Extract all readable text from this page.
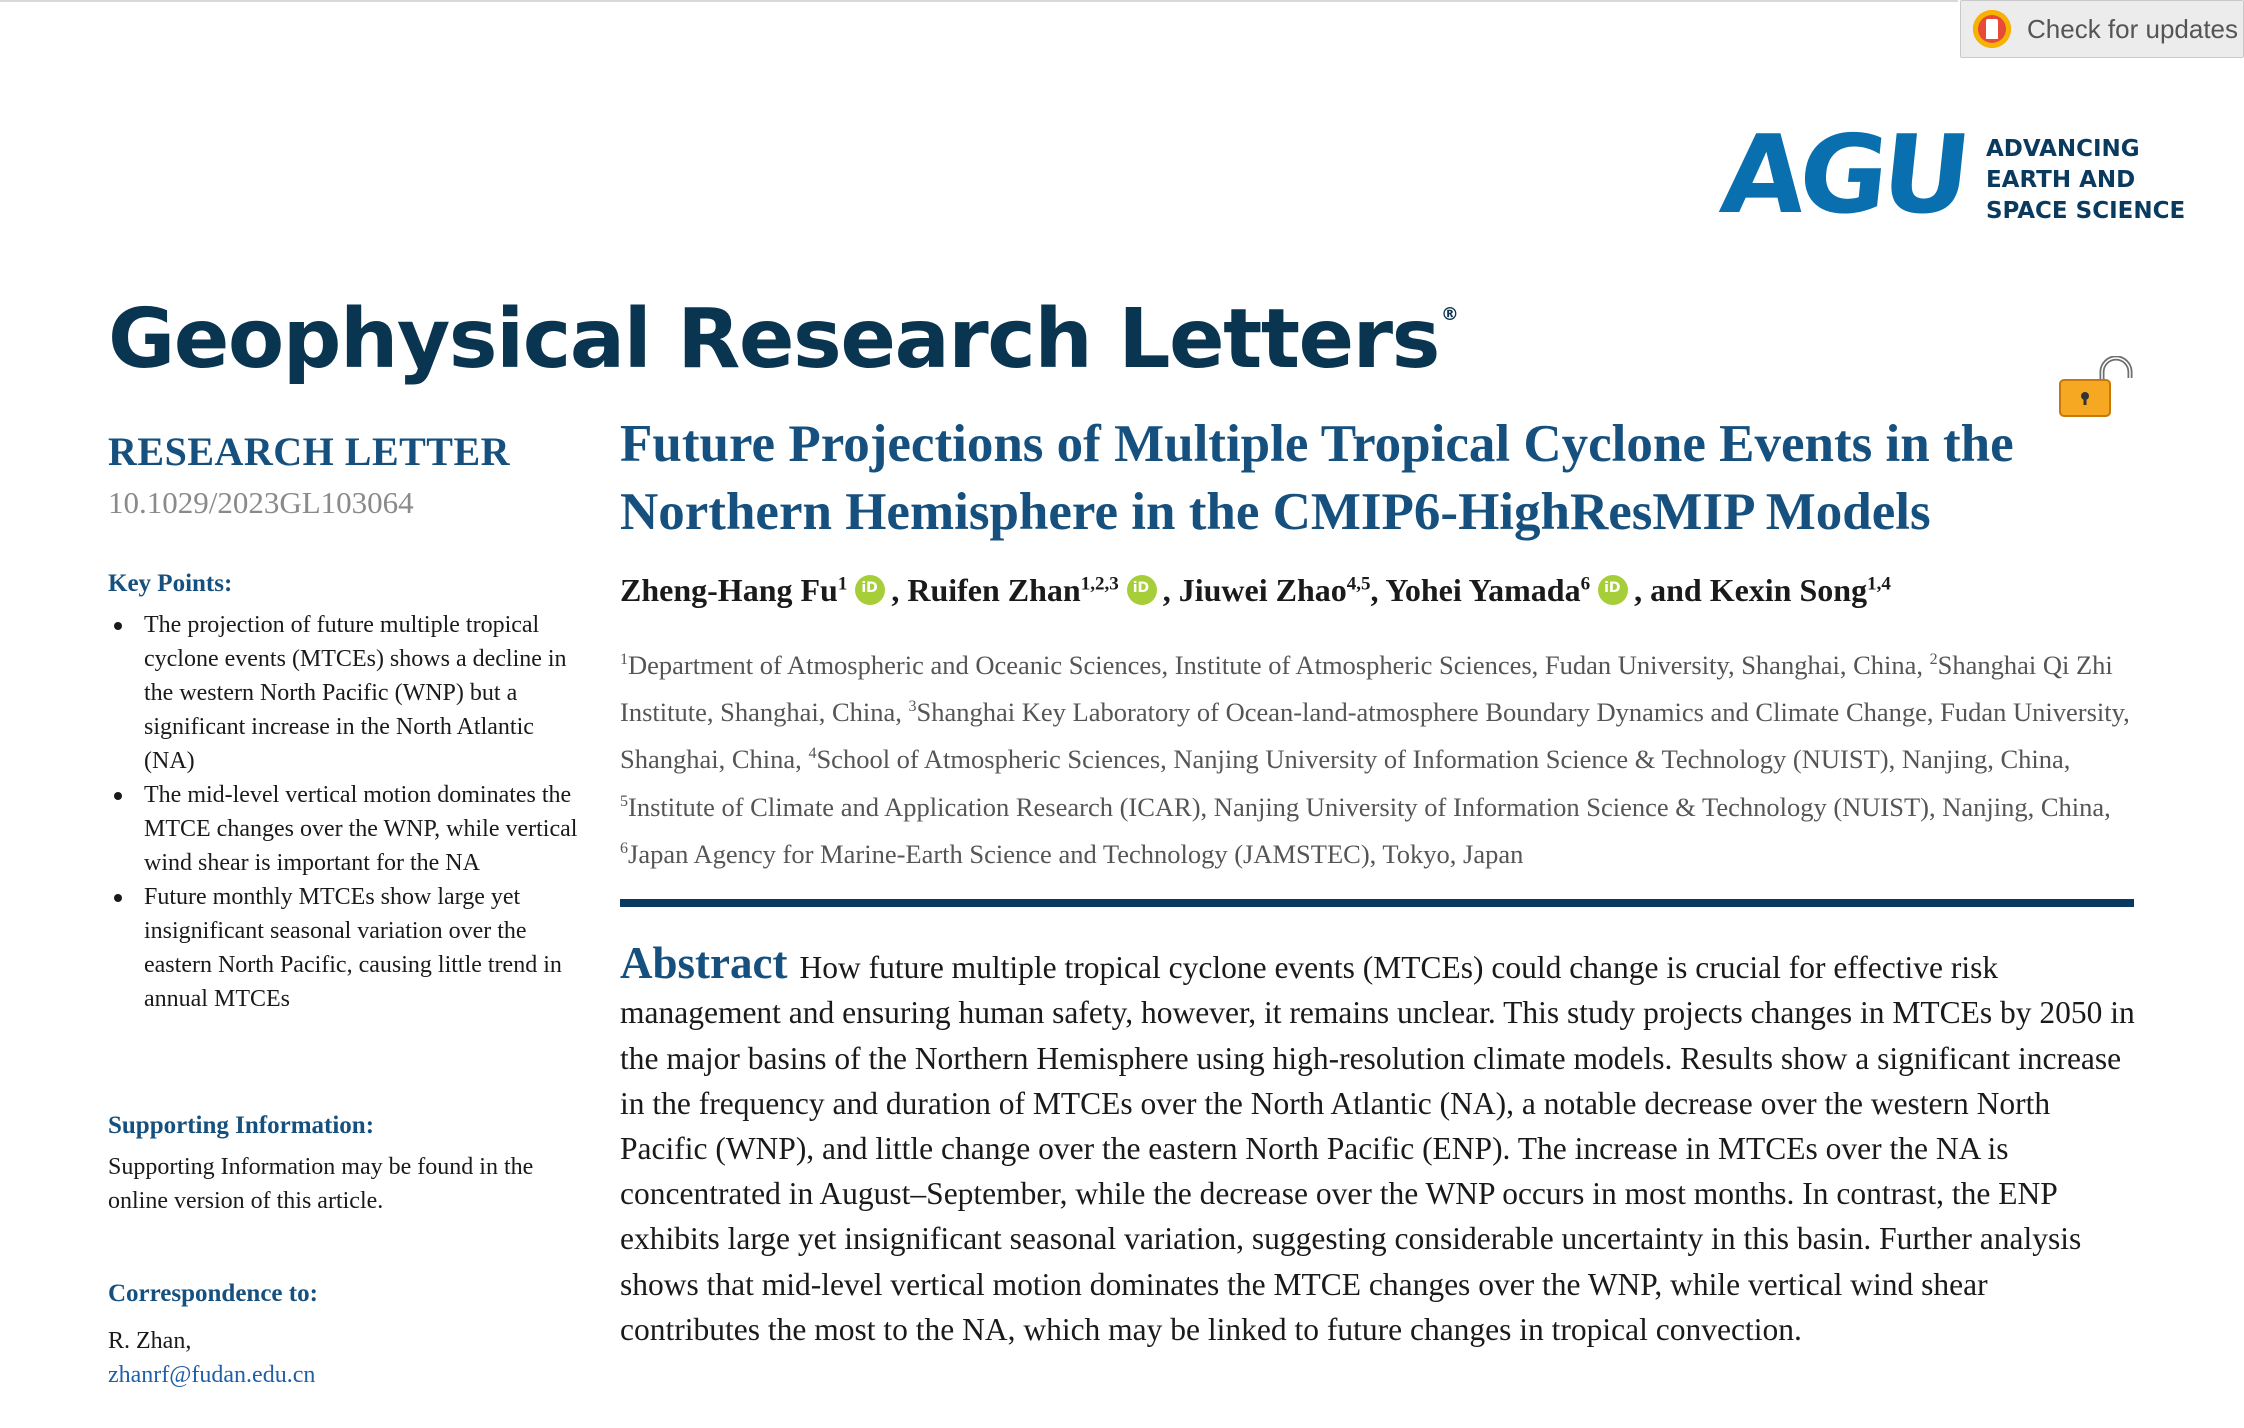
Check for updates
AGU ADVANCING
EARTH AND
SPACE SCIENCE
Geophysical Research Letters ®
RESEARCH LETTER
10.1029/2023GL103064
Key Points:
The projection of future multiple tropical cyclone events (MTCEs) shows a decline in the western North Pacific (WNP) but a significant increase in the North Atlantic (NA)
The mid-level vertical motion dominates the MTCE changes over the WNP, while vertical wind shear is important for the NA
Future monthly MTCEs show large yet insignificant seasonal variation over the eastern North Pacific, causing little trend in annual MTCEs
Supporting Information:
Supporting Information may be found in the online version of this article.
Correspondence to:
R. Zhan,
zhanrf@fudan.edu.cn
Future Projections of Multiple Tropical Cyclone Events in the Northern Hemisphere in the CMIP6-HighResMIP Models
Zheng-Hang Fu$^1$ iD , Ruifen Zhan$^{1,2,3}$ iD , Jiuwei Zhao$^{4,5}$, Yohei Yamada$^6$ iD , and Kexin Song$^{1,4}$
$^1$Department of Atmospheric and Oceanic Sciences, Institute of Atmospheric Sciences, Fudan University, Shanghai, China, $^2$Shanghai Qi Zhi Institute, Shanghai, China, $^3$Shanghai Key Laboratory of Ocean-land-atmosphere Boundary Dynamics and Climate Change, Fudan University, Shanghai, China, $^4$School of Atmospheric Sciences, Nanjing University of Information Science & Technology (NUIST), Nanjing, China, $^5$Institute of Climate and Application Research (ICAR), Nanjing University of Information Science & Technology (NUIST), Nanjing, China, $^6$Japan Agency for Marine-Earth Science and Technology (JAMSTEC), Tokyo, Japan
Abstract How future multiple tropical cyclone events (MTCEs) could change is crucial for effective risk management and ensuring human safety, however, it remains unclear. This study projects changes in MTCEs by 2050 in the major basins of the Northern Hemisphere using high-resolution climate models. Results show a significant increase in the frequency and duration of MTCEs over the North Atlantic (NA), a notable decrease over the western North Pacific (WNP), and little change over the eastern North Pacific (ENP). The increase in MTCEs over the NA is concentrated in August–September, while the decrease over the WNP occurs in most months. In contrast, the ENP exhibits large yet insignificant seasonal variation, suggesting considerable uncertainty in this basin. Further analysis shows that mid-level vertical motion dominates the MTCE changes over the WNP, while vertical wind shear contributes the most to the NA, which may be linked to future changes in tropical convection.
